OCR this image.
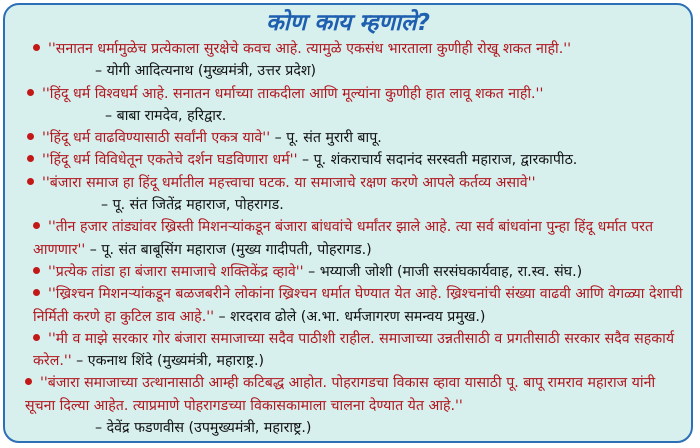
कोण काय म्हणाले?
''सनातन धर्मामुळेच प्रत्येकाला सुरक्षेचे कवच आहे. त्यामुळे एकसंध भारताला कुणीही रोखू शकत नाही.''
– योगी आदित्यनाथ (मुख्यमंत्री, उत्तर प्रदेश)
''हिंदू धर्म विश्वधर्म आहे. सनातन धर्माच्या ताकदीला आणि मूल्यांना कुणीही हात लावू शकत नाही.''
– बाबा रामदेव, हरिद्वार.
''हिंदू धर्म वाढविण्यासाठी सर्वांनी एकत्र यावे'' – पू. संत मुरारी बापू.
''हिंदू धर्म विविधेतून एकतेचे दर्शन घडविणारा धर्म'' – पू. शंकराचार्य सदानंद सरस्वती महाराज, द्वारकापीठ.
''बंजारा समाज हा हिंदू धर्मातील महत्त्वाचा घटक. या समाजाचे रक्षण करणे आपले कर्तव्य असावे''
– पू. संत जितेंद्र महाराज, पोहरागड.
''तीन हजार तांड्यांवर ख्रिस्ती मिशनऱ्यांकडून बंजारा बांधवांचे धर्मांतर झाले आहे. त्या सर्व बांधवांना पुन्हा हिंदू धर्मात परत आणणार'' – पू. संत बाबूसिंग महाराज (मुख्य गादीपती, पोहरागड.)
''प्रत्येक तांडा हा बंजारा समाजाचे शक्तिकेंद्र व्हावे'' – भय्याजी जोशी (माजी सरसंघकार्यवाह, रा.स्व. संघ.)
''ख्रिश्चन मिशनऱ्यांकडून बळजबरीने लोकांना ख्रिश्चन धर्मात घेण्यात येत आहे. ख्रिश्चनांची संख्या वाढवी आणि वेगळ्या देशाची निर्मिती करणे हा कुटिल डाव आहे.'' – शरदराव ढोले (अ.भा. धर्मजागरण समन्वय प्रमुख.)
''मी व माझे सरकार गोर बंजारा समाजाच्या सदैव पाठीशी राहील. समाजाच्या उन्नतीसाठी व प्रगतीसाठी सरकार सदैव सहकार्य करेल.'' – एकनाथ शिंदे (मुख्यमंत्री, महाराष्ट्र.)
''बंजारा समाजाच्या उत्थानासाठी आम्ही कटिबद्ध आहोत. पोहरागडचा विकास व्हावा यासाठी पू. बापू रामराव महाराज यांनी सूचना दिल्या आहेत. त्याप्रमाणे पोहरागडच्या विकासकामाला चालना देण्यात येत आहे.''
– देवेंद्र फडणवीस (उपमुख्यमंत्री, महाराष्ट्र.)
